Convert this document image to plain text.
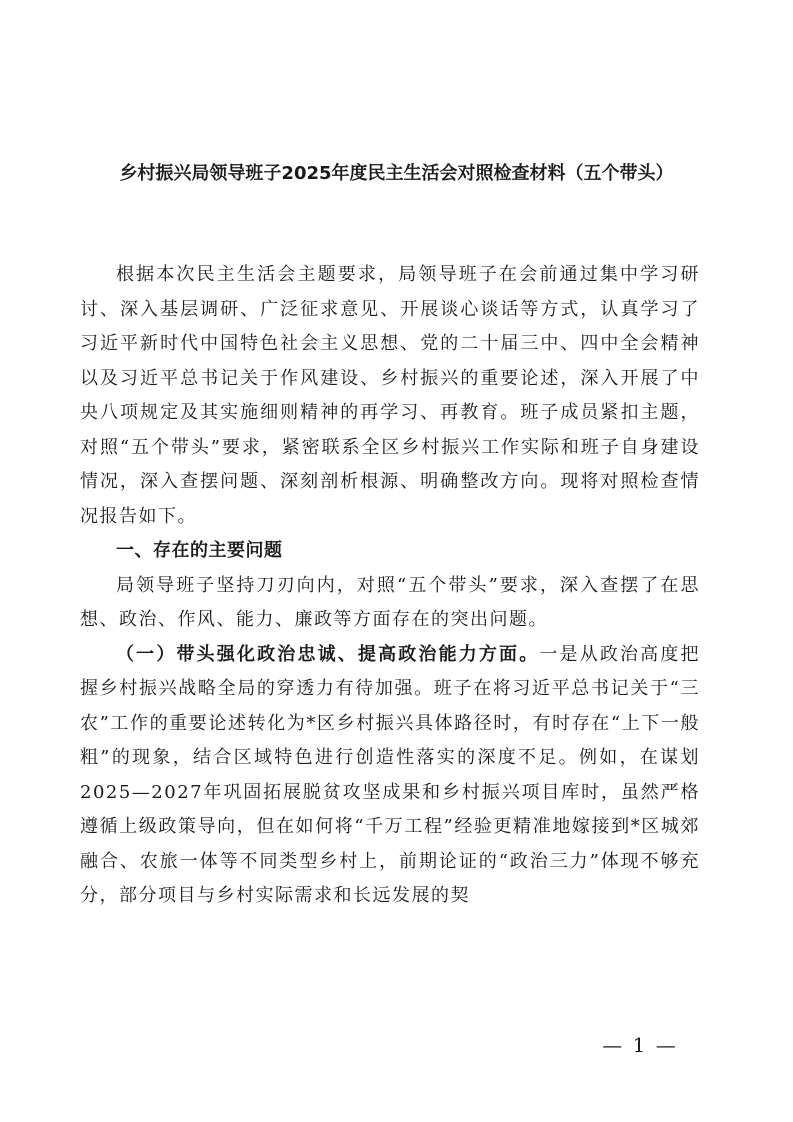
乡村振兴局领导班子2025年度民主生活会对照检查材料（五个带头）

根据本次民主生活会主题要求，局领导班子在会前通过集中学习研讨、深入基层调研、广泛征求意见、开展谈心谈话等方式，认真学习了习近平新时代中国特色社会主义思想、党的二十届三中、四中全会精神以及习近平总书记关于作风建设、乡村振兴的重要论述，深入开展了中央八项规定及其实施细则精神的再学习、再教育。班子成员紧扣主题，对照“五个带头”要求，紧密联系全区乡村振兴工作实际和班子自身建设情况，深入查摆问题、深刻剖析根源、明确整改方向。现将对照检查情况报告如下。

一、存在的主要问题

局领导班子坚持刀刃向内，对照“五个带头”要求，深入查摆了在思想、政治、作风、能力、廉政等方面存在的突出问题。

（一）带头强化政治忠诚、提高政治能力方面。一是从政治高度把握乡村振兴战略全局的穿透力有待加强。班子在将习近平总书记关于“三农”工作的重要论述转化为*区乡村振兴具体路径时，有时存在“上下一般粗”的现象，结合区域特色进行创造性落实的深度不足。例如，在谋划2025—2027年巩固拓展脱贫攻坚成果和乡村振兴项目库时，虽然严格遵循上级政策导向，但在如何将“千万工程”经验更精准地嫁接到*区城郊融合、农旅一体等不同类型乡村上，前期论证的“政治三力”体现不够充分，部分项目与乡村实际需求和长远发展的契

— 1 —
